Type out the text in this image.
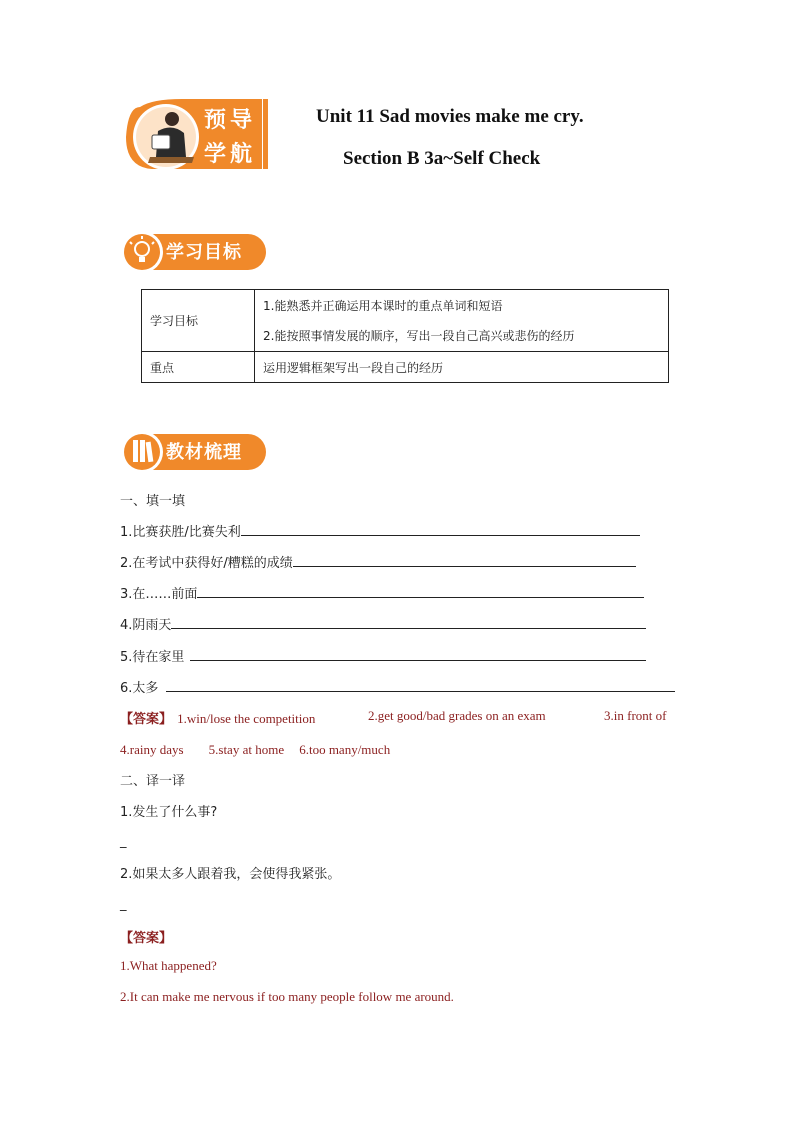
预导
学航
Unit 11 Sad movies make me cry.
Section B 3a~Self Check
学习目标
学习目标	1.能熟悉并正确运用本课时的重点单词和短语
2.能按照事情发展的顺序，写出一段自己高兴或悲伤的经历

重点	运用逻辑框架写出一段自己的经历
教材梳理
一、填一填
1.比赛获胜/比赛失利
2.在考试中获得好/糟糕的成绩
3.在……前面
4.阴雨天
5.待在家里
6.太多
【答案】 1.win/lose the competition	2.get good/bad grades on an exam	3.in front of
4.rainy days 5.stay at home 6.too many/much
二、译一译
1.发生了什么事?
_
2.如果太多人跟着我，会使得我紧张。
_
【答案】
1.What happened?
2.It can make me nervous if too many people follow me around.
